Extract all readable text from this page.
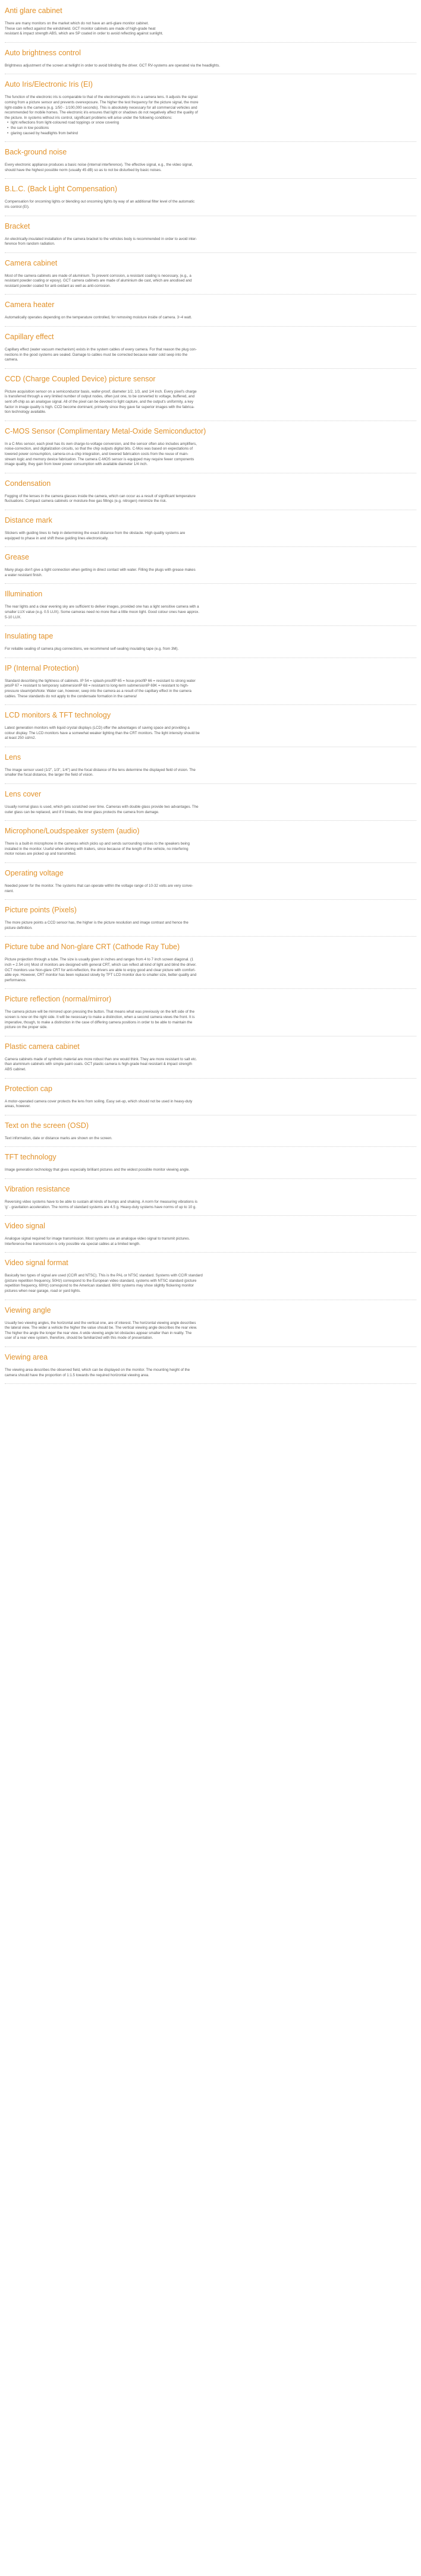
Anti glare cabinet

There are many monitors on the market which do not have an anti-glare monitor cabinet.
These can reflect against the windshield. GCT monitor cabinets are made of high-grade heat
resistant & impact strength ABS, which are SP coated in order to avoid reflecting against sunlight.

Auto brightness control

Brightness adjustment of the screen at twilight in order to avoid blinding the driver. GCT RV-systems are operated via the headlights.

Auto Iris/Electronic Iris (EI)

The function of the electronic iris is comparable to that of the electromagnetic iris in a camera lens. It adjusts the signal
coming from a picture sensor and prevents overexposure. The higher the test frequency for the picture signal, the more
light-stable is the camera (e.g. 1/50 - 1/100,000 seconds). This is absolutely necessary for all commercial vehicles and
recommended for mobile homes. The electronic iris ensures that light or shadows do not negatively affect the quality of
the picture. In systems without iris control, significant problems will arise under the following conditions:

• light reflections from light-coloured road toppings or snow covering
• the sun in low positions
• glaring caused by headlights from behind
Back-ground noise

Every electronic appliance produces a basic noise (internal interference). The effective signal, e.g., the video signal,
should have the highest possible norm (usually 45 dB) so as to not be disturbed by basic noises.

B.L.C. (Back Light Compensation)

Compensation for oncoming lights or blending out oncoming lights by way of an additional filter level of the automatic
iris control (EI).

Bracket

An electrically-insulated installation of the camera bracket to the vehicles body is recommended in order to avoid inter-
ference from random radiation.

Camera cabinet

Most of the camera cabinets are made of aluminium. To prevent corrosion, a resistant coating is necessary, (e.g., a
resistant powder coating or epoxy). GCT camera cabinets are made of aluminium die cast, which are anodised and
resistant powder coated for anti-oxidant as well as anti-corrosion.

Camera heater

Automatically operates depending on the temperature controlled, for removing moisture inside of camera. 3~4 watt.

Capillary effect

Capillary effect (water vacuum mechanism) exists in the system cables of every camera. For that reason the plug con-
nections in the good systems are sealed. Damage to cables must be corrected because water cold seep into the
camera.

CCD (Charge Coupled Device) picture sensor

Picture acquisition sensor on a semiconductor basis, wafer-proof, diameter 1/2, 1/3, and 1/4 inch. Every pixel's charge
is transferred through a very limited number of output nodes, often just one, to be converted to voltage, buffered, and
sent off-chip as an analogue signal. All of the pixel can be devoted to light capture, and the output's uniformity, a key
factor in image quality is high. CCD become dominant, primarily since they gave far superior images with the fabrica-
tion technology available.

C-MOS Sensor (Complimentary Metal-Oxide Semiconductor)

In a C-Mos sensor, each pixel has its own charge-to-voltage conversion, and the sensor often also includes amplifiers,
noise-correction, and digitalization circuits, so that the chip outputs digital bits. C-Mos was based on expectations of
lowered power consumption, camera-on-a-chip integration, and lowered fabrication costs from the reuse of main-
stream logic and memory device fabrication. The camera C-MOS sensor is equipped may require fewer components
image quality, they gain from lower power consumption with available diameter 1/4 inch.

Condensation

Fogging of the lenses in the camera glasses inside the camera, which can occur as a result of significant temperature
fluctuations. Compact camera cabinets or moisture-free gas fillings (e.g. nitrogen) minimize the risk.

Distance mark

Stickers with guiding lines to help in determining the exact distance from the obstacle. High quality systems are
equipped to phase in and shift these guiding lines electronically.

Grease

Many plugs don't give a tight connection when getting in direct contact with water. Filling the plugs with grease makes
a water resistant finish.

Illumination

The rear lights and a clear evening sky are sufficient to deliver images, provided one has a light sensitive camera with a
smaller LUX value (e.g. 0.5 LUX). Some cameras need no more than a little moon light. Good colour ones have approx.
5-10 LUX.

Insulating tape

For reliable sealing of camera plug connections, we recommend self-sealing insulating tape (e.g. from 3M).

IP (Internal Protection)

Standard describing the tightness of cabinets. IP 54 = splash-proofIP 65 = hose-proofIP 66 = resistant to strong water
jetsIP 67 = resistant to temporary submersionIP 68 = resistant to long-term submersionIP 69K = resistant to high-
pressure steam/jetsNote: Water can, however, seep into the camera as a result of the capillary effect in the camera
cables. These standards do not apply to the condensate formation in the camera!

LCD monitors & TFT technology

Latest generation monitors with liquid crystal displays (LCD) offer the advantages of saving space and providing a
colour display. The LCD monitors have a somewhat weaker lighting than the CRT monitors. The light intensity should be
at least 250 cd/m2.

Lens

The image sensor used (1/2", 1/3", 1/4") and the focal distance of the lens determine the displayed field of vision. The
smaller the focal distance, the larger the field of vision.

Lens cover

Usually normal glass is used, which gets scratched over time. Cameras with double glass provide two advantages. The
outer glass can be replaced, and if it breaks, the inner glass protects the camera from damage.

Microphone/Loudspeaker system (audio)

There is a built-in microphone in the cameras which picks up and sends surrounding noises to the speakers being
installed in the monitor. Useful when driving with trailers, since because of the length of the vehicle, no interfering
motor noises are picked up and transmitted.

Operating voltage

Needed power for the monitor. The systems that can operate within the voltage range of 10-32 volts are very conve-
nient.

Picture points (Pixels)

The more picture points a CCD sensor has, the higher is the picture resolution and image contrast and hence the
picture definition.

Picture tube and Non-glare CRT (Cathode Ray Tube)

Picture projection through a tube. The size is usually given in inches and ranges from 4 to 7 inch screen diagonal. (1
inch = 2.54 cm) Most of monitors are designed with general CRT, which can reflect all kind of light and blind the driver.
GCT monitors use Non-glare CRT for anti-reflection, the drivers are able to enjoy good and clear picture with comfort-
able eye. However, CRT monitor has been replaced slowly by TFT LCD monitor due to smaller size, better quality and
performance.

Picture reflection (normal/mirror)

The camera picture will be mirrored upon pressing the button. That means what was previously on the left side of the
screen is now on the right side. It will be necessary to make a distinction, when a second camera views the front. It is
imperative, though, to make a distinction in the case of differing camera positions in order to be able to maintain the
picture on the proper side.

Plastic camera cabinet

Camera cabinets made of synthetic material are more robust than one would think. They are more resistant to salt etc.
than aluminium cabinets with simple paint coats. GCT plastic camera is high-grade heat resistant & impact strength
ABS cabinet.

Protection cap

A motor-operated camera cover protects the lens from soiling. Easy set-up, which should not be used in heavy-duty
areas, however.

Text on the screen (OSD)

Text information, date or distance marks are shown on the screen.

TFT technology

Image generation technology that gives especially brilliant pictures and the widest possible monitor viewing angle.

Vibration resistance

Reversing video systems have to be able to sustain all kinds of bumps and shaking. A norm for measuring vibrations is
'g' - gravitation acceleration. The norms of standard systems are 4.5 g. Heavy-duty systems have norms of up to 10 g.

Video signal

Analogue signal required for image transmission. Most systems use an analogue video signal to transmit pictures.
Interference-free transmission is only possible via special cables at a limited length.

Video signal format

Basically two types of signal are used (CCIR and NTSC). This is the PAL or NTSC standard. Systems with CCIR standard
(picture repetition frequency, 50Hz) correspond to the European video standard, systems with NTSC standard (picture
repetition frequency, 60Hz) correspond to the American standard. 60Hz systems may show slightly flickering monitor
pictures when near garage, road or yard lights.

Viewing angle

Usually two viewing angles, the horizontal and the vertical one, are of interest. The horizontal viewing angle describes
the lateral view. The wider a vehicle the higher the value should be. The vertical viewing angle describes the rear view.
The higher the angle the longer the rear view. A wide viewing angle let obstacles appear smaller than in reality. The
user of a rear view system, therefore, should be familiarized with this mode of presentation.

Viewing area

The viewing area describes the observed field, which can be displayed on the monitor. The mounting height of the
camera should have the proportion of 1:1.5 towards the required horizontal viewing area.
